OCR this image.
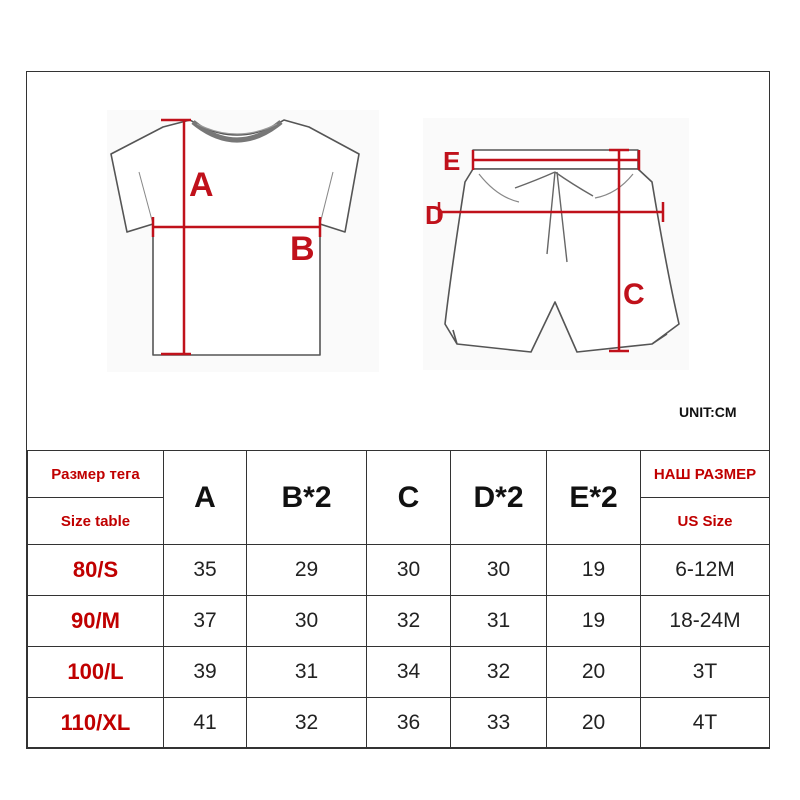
A
B
E
D
C
UNIT:CM
Размер тега	A	B*2	C	D*2	E*2	НАШ РАЗМЕР
Size table						US Size
80/S	35	29	30	30	19	6-12M
90/M	37	30	32	31	19	18-24M
100/L	39	31	34	32	20	3T
110/XL	41	32	36	33	20	4T
